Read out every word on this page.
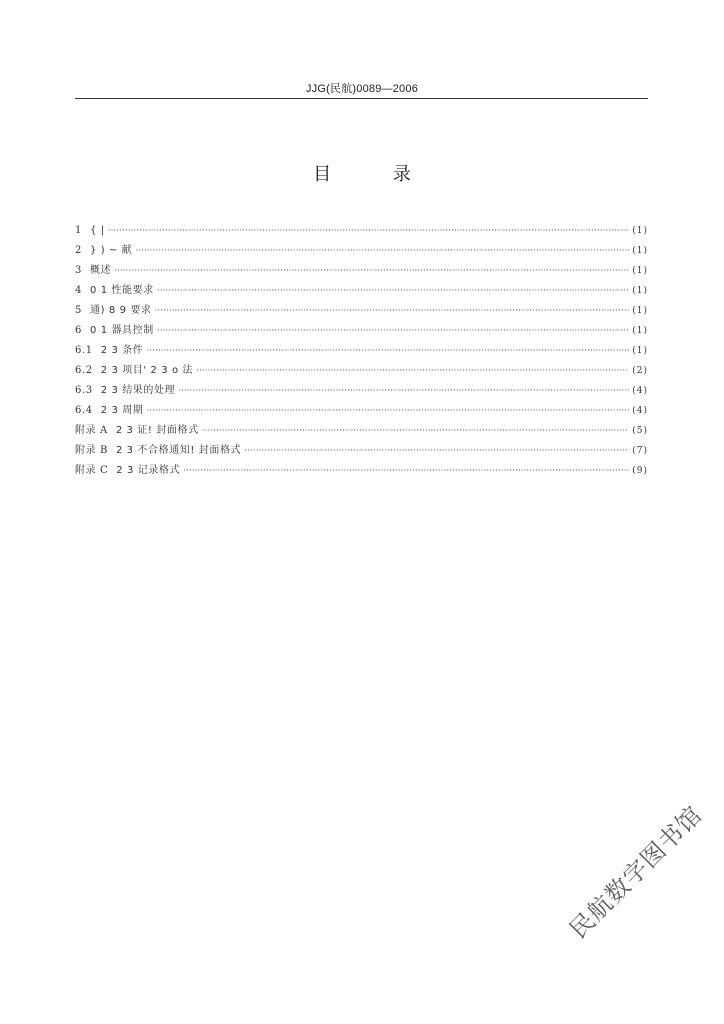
JJG(民航)0089—2006
目 录
1 { | ·····	(1)
2 } ) ~ 献 ·····	(1)
3 概述 ·····	(1)
4 0 1 性能要求 ·····	(1)
5 通) 8 9 要求 ·····	(1)
6 0 1 器具控制 ·····	(1)
6.1 2 3 条件 ·····	(1)
6.2 2 3 项目' 2 3 o 法 ·····	(2)
6.3 2 3 结果的处理 ·····	(4)
6.4 2 3 周期 ·····	(4)
附录 A 2 3 证! 封面格式 ·····	(5)
附录 B 2 3 不合格通知! 封面格式 ·····	(7)
附录 C 2 3 记录格式 ·····	(9)
民航数字图书馆
